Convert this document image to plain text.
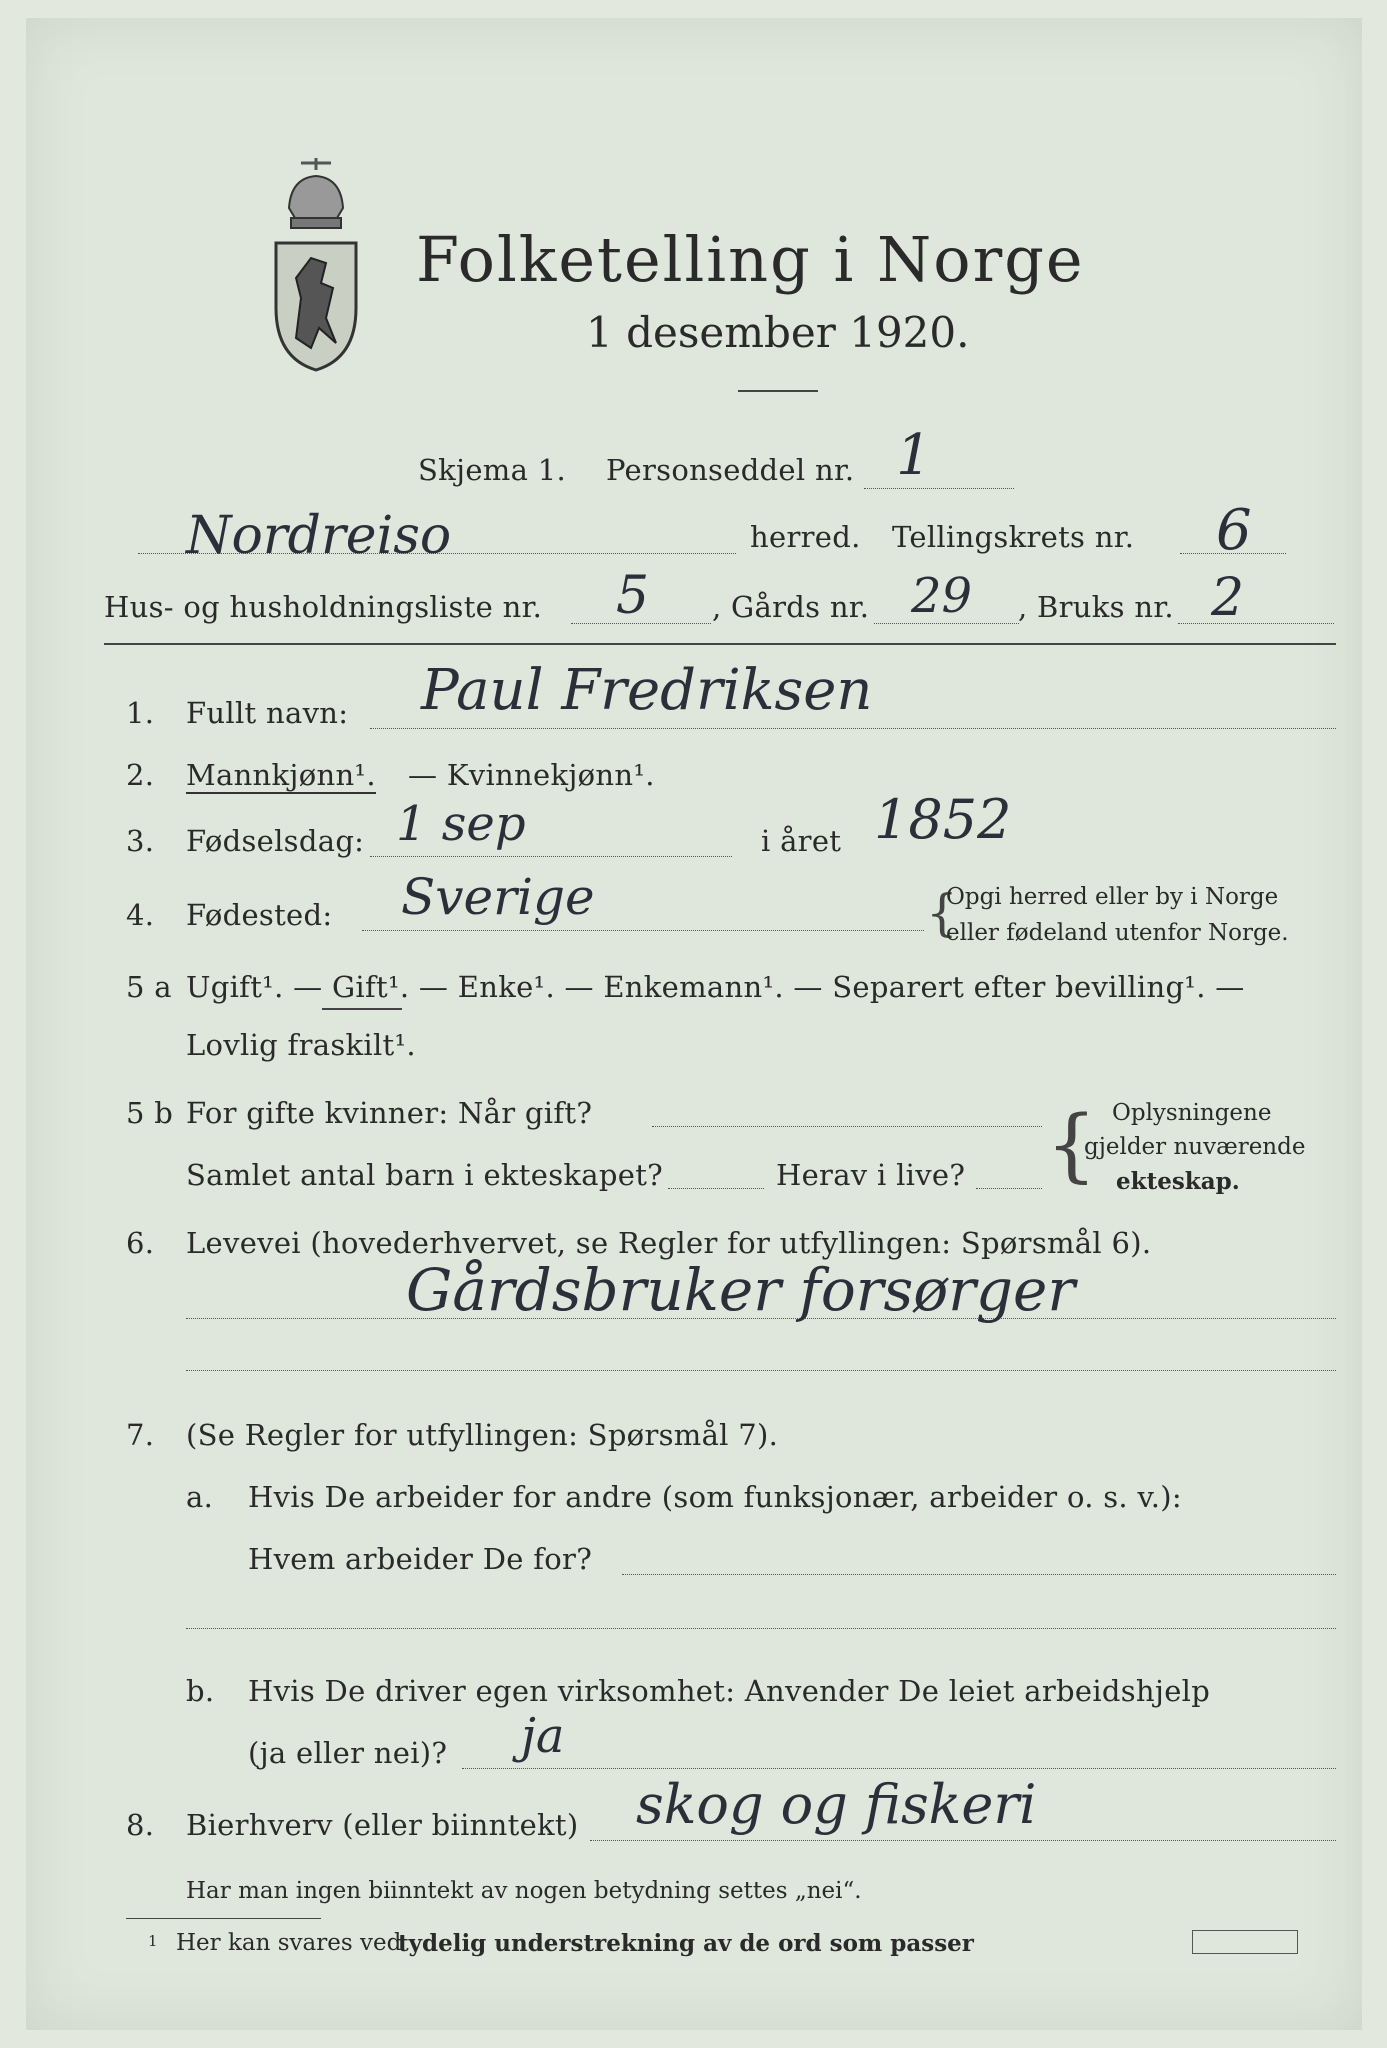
Folketelling i Norge
1 desember 1920.
Skjema 1. Personseddel nr. 1
Nordreiso	herred. Tellingskrets nr. 6
Hus- og husholdningsliste nr. 5 , Gårds nr. 29 , Bruks nr. 2
1. Fullt navn: Paul Fredriksen
2. Mannkjønn¹. — Kvinnekjønn¹.
3. Fødselsdag: 1 sep	i året 1852
4. Fødested: Sverige	{
Opgi herred eller by i Norge
eller fødeland utenfor Norge.
5 a Ugift¹. — Gift¹. — Enke¹. — Enkemann¹. — Separert efter bevilling¹. —
Lovlig fraskilt¹.
5 b For gifte kvinner: Når gift?
Samlet antal barn i ekteskapet?	Herav i live? { Oplysningene
gjelder nuværende
ekteskap.
6. Levevei (hovederhvervet, se Regler for utfyllingen: Spørsmål 6).
Gårdsbruker forsørger
7. (Se Regler for utfyllingen: Spørsmål 7).
a. Hvis De arbeider for andre (som funksjonær, arbeider o. s. v.):
Hvem arbeider De for?
b. Hvis De driver egen virksomhet: Anvender De leiet arbeidshjelp
(ja eller nei)? ja
8. Bierhverv (eller biinntekt) skog og fiskeri
Har man ingen biinntekt av nogen betydning settes „nei“.
1 Her kan svares ved
tydelig understrekning av de ord som passer
